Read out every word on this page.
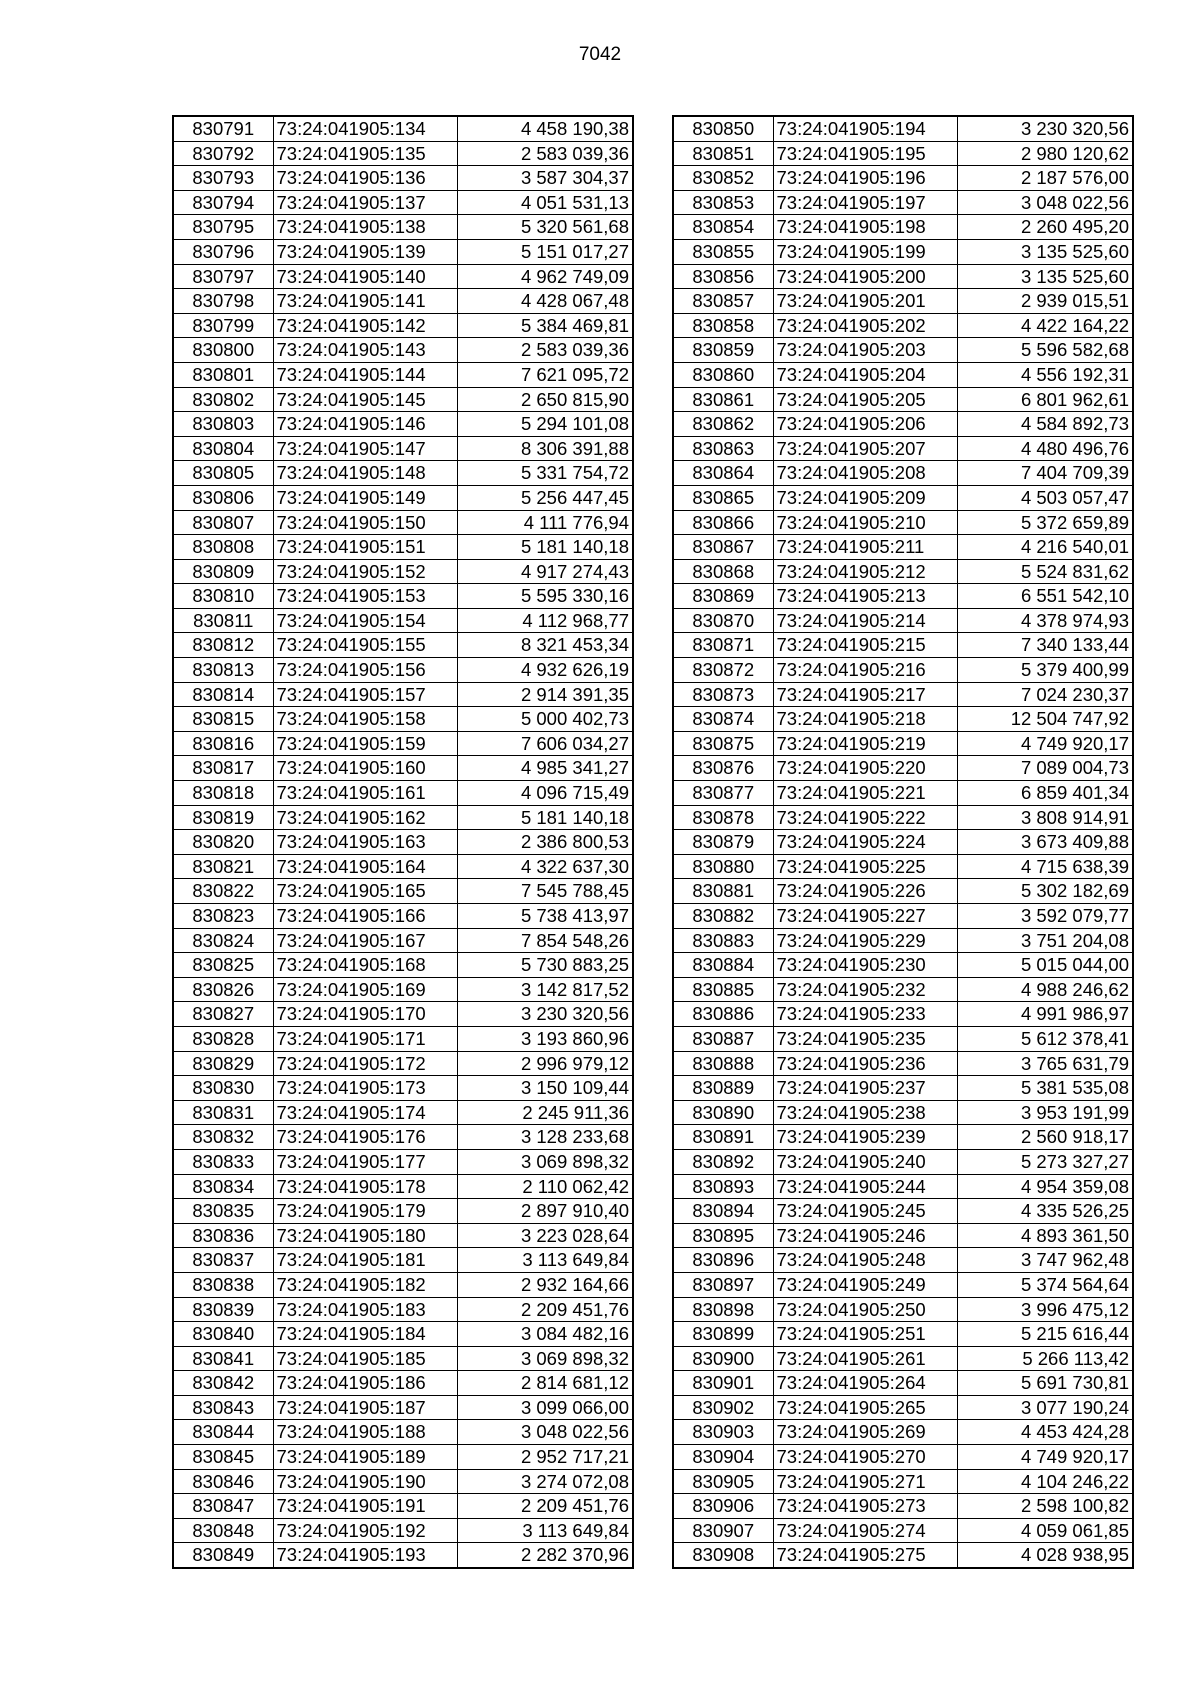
7042
830791	73:24:041905:134	4 458 190,38
830792	73:24:041905:135	2 583 039,36
830793	73:24:041905:136	3 587 304,37
830794	73:24:041905:137	4 051 531,13
830795	73:24:041905:138	5 320 561,68
830796	73:24:041905:139	5 151 017,27
830797	73:24:041905:140	4 962 749,09
830798	73:24:041905:141	4 428 067,48
830799	73:24:041905:142	5 384 469,81
830800	73:24:041905:143	2 583 039,36
830801	73:24:041905:144	7 621 095,72
830802	73:24:041905:145	2 650 815,90
830803	73:24:041905:146	5 294 101,08
830804	73:24:041905:147	8 306 391,88
830805	73:24:041905:148	5 331 754,72
830806	73:24:041905:149	5 256 447,45
830807	73:24:041905:150	4 111 776,94
830808	73:24:041905:151	5 181 140,18
830809	73:24:041905:152	4 917 274,43
830810	73:24:041905:153	5 595 330,16
830811	73:24:041905:154	4 112 968,77
830812	73:24:041905:155	8 321 453,34
830813	73:24:041905:156	4 932 626,19
830814	73:24:041905:157	2 914 391,35
830815	73:24:041905:158	5 000 402,73
830816	73:24:041905:159	7 606 034,27
830817	73:24:041905:160	4 985 341,27
830818	73:24:041905:161	4 096 715,49
830819	73:24:041905:162	5 181 140,18
830820	73:24:041905:163	2 386 800,53
830821	73:24:041905:164	4 322 637,30
830822	73:24:041905:165	7 545 788,45
830823	73:24:041905:166	5 738 413,97
830824	73:24:041905:167	7 854 548,26
830825	73:24:041905:168	5 730 883,25
830826	73:24:041905:169	3 142 817,52
830827	73:24:041905:170	3 230 320,56
830828	73:24:041905:171	3 193 860,96
830829	73:24:041905:172	2 996 979,12
830830	73:24:041905:173	3 150 109,44
830831	73:24:041905:174	2 245 911,36
830832	73:24:041905:176	3 128 233,68
830833	73:24:041905:177	3 069 898,32
830834	73:24:041905:178	2 110 062,42
830835	73:24:041905:179	2 897 910,40
830836	73:24:041905:180	3 223 028,64
830837	73:24:041905:181	3 113 649,84
830838	73:24:041905:182	2 932 164,66
830839	73:24:041905:183	2 209 451,76
830840	73:24:041905:184	3 084 482,16
830841	73:24:041905:185	3 069 898,32
830842	73:24:041905:186	2 814 681,12
830843	73:24:041905:187	3 099 066,00
830844	73:24:041905:188	3 048 022,56
830845	73:24:041905:189	2 952 717,21
830846	73:24:041905:190	3 274 072,08
830847	73:24:041905:191	2 209 451,76
830848	73:24:041905:192	3 113 649,84
830849	73:24:041905:193	2 282 370,96
830850	73:24:041905:194	3 230 320,56
830851	73:24:041905:195	2 980 120,62
830852	73:24:041905:196	2 187 576,00
830853	73:24:041905:197	3 048 022,56
830854	73:24:041905:198	2 260 495,20
830855	73:24:041905:199	3 135 525,60
830856	73:24:041905:200	3 135 525,60
830857	73:24:041905:201	2 939 015,51
830858	73:24:041905:202	4 422 164,22
830859	73:24:041905:203	5 596 582,68
830860	73:24:041905:204	4 556 192,31
830861	73:24:041905:205	6 801 962,61
830862	73:24:041905:206	4 584 892,73
830863	73:24:041905:207	4 480 496,76
830864	73:24:041905:208	7 404 709,39
830865	73:24:041905:209	4 503 057,47
830866	73:24:041905:210	5 372 659,89
830867	73:24:041905:211	4 216 540,01
830868	73:24:041905:212	5 524 831,62
830869	73:24:041905:213	6 551 542,10
830870	73:24:041905:214	4 378 974,93
830871	73:24:041905:215	7 340 133,44
830872	73:24:041905:216	5 379 400,99
830873	73:24:041905:217	7 024 230,37
830874	73:24:041905:218	12 504 747,92
830875	73:24:041905:219	4 749 920,17
830876	73:24:041905:220	7 089 004,73
830877	73:24:041905:221	6 859 401,34
830878	73:24:041905:222	3 808 914,91
830879	73:24:041905:224	3 673 409,88
830880	73:24:041905:225	4 715 638,39
830881	73:24:041905:226	5 302 182,69
830882	73:24:041905:227	3 592 079,77
830883	73:24:041905:229	3 751 204,08
830884	73:24:041905:230	5 015 044,00
830885	73:24:041905:232	4 988 246,62
830886	73:24:041905:233	4 991 986,97
830887	73:24:041905:235	5 612 378,41
830888	73:24:041905:236	3 765 631,79
830889	73:24:041905:237	5 381 535,08
830890	73:24:041905:238	3 953 191,99
830891	73:24:041905:239	2 560 918,17
830892	73:24:041905:240	5 273 327,27
830893	73:24:041905:244	4 954 359,08
830894	73:24:041905:245	4 335 526,25
830895	73:24:041905:246	4 893 361,50
830896	73:24:041905:248	3 747 962,48
830897	73:24:041905:249	5 374 564,64
830898	73:24:041905:250	3 996 475,12
830899	73:24:041905:251	5 215 616,44
830900	73:24:041905:261	5 266 113,42
830901	73:24:041905:264	5 691 730,81
830902	73:24:041905:265	3 077 190,24
830903	73:24:041905:269	4 453 424,28
830904	73:24:041905:270	4 749 920,17
830905	73:24:041905:271	4 104 246,22
830906	73:24:041905:273	2 598 100,82
830907	73:24:041905:274	4 059 061,85
830908	73:24:041905:275	4 028 938,95
